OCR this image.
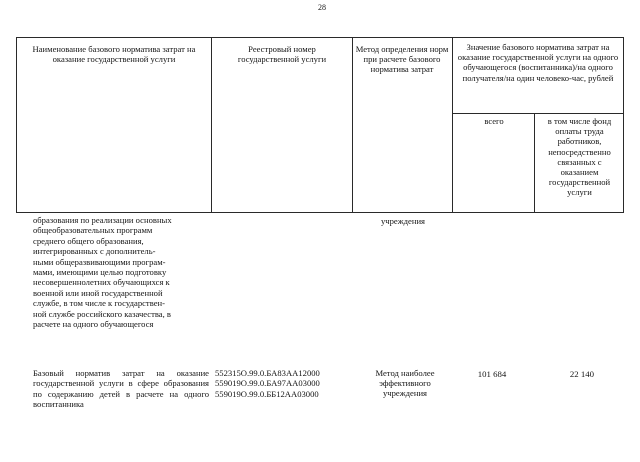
28
Наименование базового норматива затрат на оказание государственной услуги
Реестровый номер государственной услуги
Метод определения норм при расчете базового норматива затрат
Значение базового норматива затрат на оказание государственной услуги на одного обучающегося (воспитанника)/на одного получателя/на один человеко-час, рублей
всего	в том числе фонд оплаты труда работников, непосредственно связанных с оказанием государственной услуги
образования по реализации основных
общеобразовательных программ
среднего общего образования,
интегрированных с дополнитель-
ными общеразвивающими програм-
мами, имеющими целью подготовку
несовершеннолетних обучающихся к
военной или иной государственной
службе, в том числе к государствен-
ной службе российского казачества, в
расчете на одного обучающегося
учреждения
Базовый норматив затрат на оказание государственной услуги в сфере образования по содержанию детей в расчете на одного воспитанника
552315О.99.0.БА83АА12000
559019О.99.0.БА97АА03000
559019О.99.0.ББ12АА03000
Метод наиболее эффективного учреждения
101 684	22 140
